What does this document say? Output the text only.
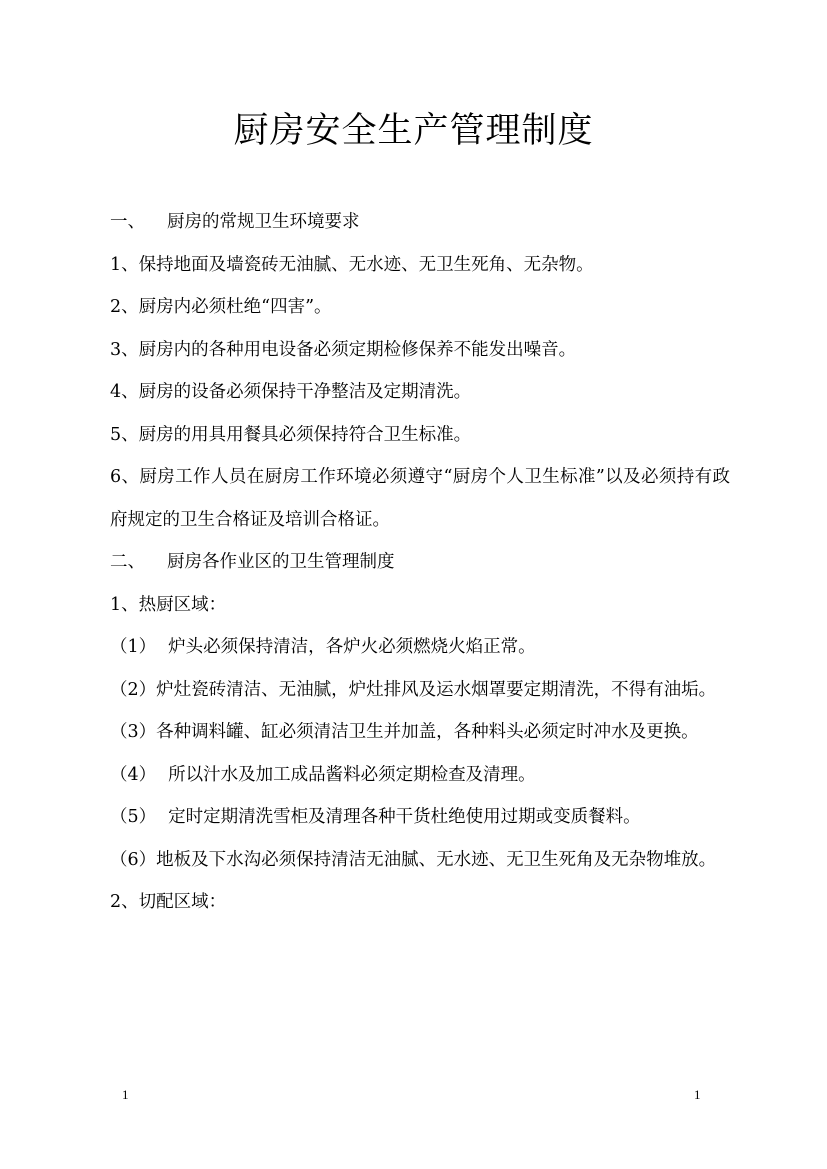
厨房安全生产管理制度
一、 厨房的常规卫生环境要求
1、保持地面及墙瓷砖无油腻、无水迹、无卫生死角、无杂物。
2、厨房内必须杜绝“四害”。
3、厨房内的各种用电设备必须定期检修保养不能发出噪音。
4、厨房的设备必须保持干净整洁及定期清洗。
5、厨房的用具用餐具必须保持符合卫生标准。
6、厨房工作人员在厨房工作环境必须遵守“厨房个人卫生标准”以及必须持有政府规定的卫生合格证及培训合格证。
二、 厨房各作业区的卫生管理制度
1、热厨区域：
（1） 炉头必须保持清洁，各炉火必须燃烧火焰正常。
（2）炉灶瓷砖清洁、无油腻，炉灶排风及运水烟罩要定期清洗，不得有油垢。
（3）各种调料罐、缸必须清洁卫生并加盖，各种料头必须定时冲水及更换。
（4） 所以汁水及加工成品酱料必须定期检查及清理。
（5） 定时定期清洗雪柜及清理各种干货杜绝使用过期或变质餐料。
（6）地板及下水沟必须保持清洁无油腻、无水迹、无卫生死角及无杂物堆放。
2、切配区域：
1	1
